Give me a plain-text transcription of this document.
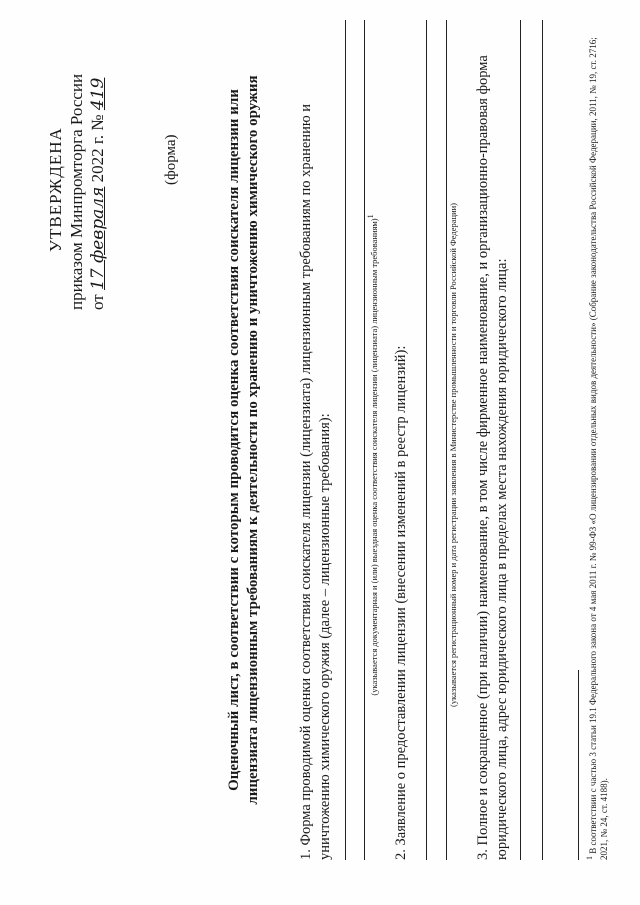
УТВЕРЖДЕНА приказом Минпромторга России от 17 февраля 2022 г. № 419
(форма)	Оценочный лист, в соответствии с которым проводится оценка соответствия соискателя лицензии или лицензиата лицензионным требованиям к деятельности по хранению и уничтожению химического оружия	1. Форма проводимой оценки соответствия соискателя лицензии (лицензиата) лицензионным требованиям по хранению и уничтожению химического оружия (далее – лицензионные требования):	(указывается документарная и (или) выездная оценка соответствия соискателя лицензии (лицензиата) лицензионным требованиям)$^1$
2. Заявление о предоставлении лицензии (внесении изменений в реестр лицензий):	(указывается регистрационный номер и дата регистрации заявления в Министерстве промышленности и торговли Российской Федерации) 3. Полное и сокращенное (при наличии) наименование, в том числе фирменное наименование, и организационно-правовая форма юридического лица, адрес юридического лица в пределах места нахождения юридического лица:	$^1$ В соответствии с частью 3 статьи 19.1 Федерального закона от 4 мая 2011 г. № 99-ФЗ «О лицензировании отдельных видов деятельности» (Собрание законодательства Российской Федерации, 2011, № 19, ст. 2716; 2021, № 24, ст. 4188).
